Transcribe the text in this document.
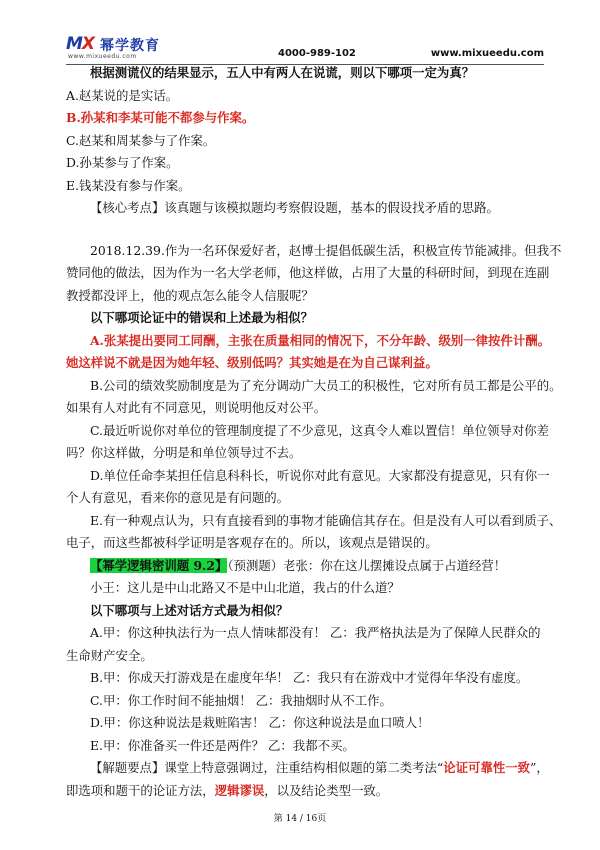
MX 幂学教育
www.mixueedu.com	4000-989-102	www.mixueedu.com
根据测谎仪的结果显示，五人中有两人在说谎，则以下哪项一定为真？
A.赵某说的是实话。
B.孙某和李某可能不都参与作案。
C.赵某和周某参与了作案。
D.孙某参与了作案。
E.钱某没有参与作案。
【核心考点】该真题与该模拟题均考察假设题，基本的假设找矛盾的思路。
2018.12.39.作为一名环保爱好者，赵博士提倡低碳生活，积极宣传节能减排。但我不
赞同他的做法，因为作为一名大学老师，他这样做，占用了大量的科研时间，到现在连副
教授都没评上，他的观点怎么能令人信服呢？
以下哪项论证中的错误和上述最为相似？
A.张某提出要同工同酬，主张在质量相同的情况下，不分年龄、级别一律按件计酬。
她这样说不就是因为她年轻、级别低吗？其实她是在为自己谋利益。
B.公司的绩效奖励制度是为了充分调动广大员工的积极性，它对所有员工都是公平的。
如果有人对此有不同意见，则说明他反对公平。
C.最近听说你对单位的管理制度提了不少意见，这真令人难以置信！单位领导对你差
吗？你这样做，分明是和单位领导过不去。
D.单位任命李某担任信息科科长，听说你对此有意见。大家都没有提意见，只有你一
个人有意见，看来你的意见是有问题的。
E.有一种观点认为，只有直接看到的事物才能确信其存在。但是没有人可以看到质子、
电子，而这些都被科学证明是客观存在的。所以，该观点是错误的。
【幂学逻辑密训题 9.2】（预测题）老张：你在这儿摆摊设点属于占道经营！
小王：这儿是中山北路又不是中山北道，我占的什么道？
以下哪项与上述对话方式最为相似？
A.甲：你这种执法行为一点人情味都没有！ 乙：我严格执法是为了保障人民群众的
生命财产安全。
B.甲：你成天打游戏是在虚度年华！ 乙：我只有在游戏中才觉得年华没有虚度。
C.甲：你工作时间不能抽烟！ 乙：我抽烟时从不工作。
D.甲：你这种说法是栽赃陷害！ 乙：你这种说法是血口喷人！
E.甲：你准备买一件还是两件？ 乙：我都不买。
【解题要点】课堂上特意强调过，注重结构相似题的第二类考法“论证可靠性一致”，
即选项和题干的论证方法，逻辑谬误，以及结论类型一致。
第 14 / 16页
